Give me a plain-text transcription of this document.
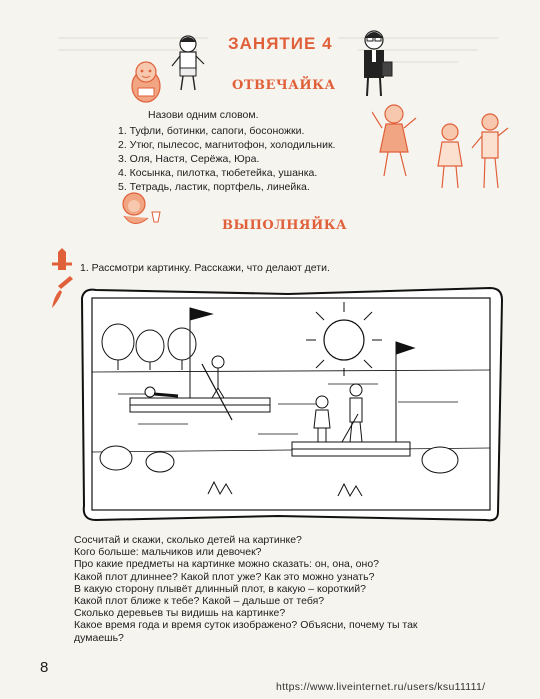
ЗАНЯТИЕ 4
ОТВЕЧАЙКА
Назови одним словом.
1. Туфли, ботинки, сапоги, босоножки.
2. Утюг, пылесос, магнитофон, холодильник.
3. Оля, Настя, Серёжа, Юра.
4. Косынка, пилотка, тюбетейка, ушанка.
5. Тетрадь, ластик, портфель, линейка.
ВЫПОЛНЯЙКА
1. Рассмотри картинку. Расскажи, что делают дети.
Сосчитай и скажи, сколько детей на картинке?
Кого больше: мальчиков или девочек?
Про какие предметы на картинке можно сказать: он, она, оно?
Какой плот длиннее? Какой плот уже? Как это можно узнать?
В какую сторону плывёт длинный плот, в какую – короткий?
Какой плот ближе к тебе? Какой – дальше от тебя?
Сколько деревьев ты видишь на картинке?
Какое время года и время суток изображено? Объясни, почему ты так
думаешь?
8
https://www.liveinternet.ru/users/ksu11111/
